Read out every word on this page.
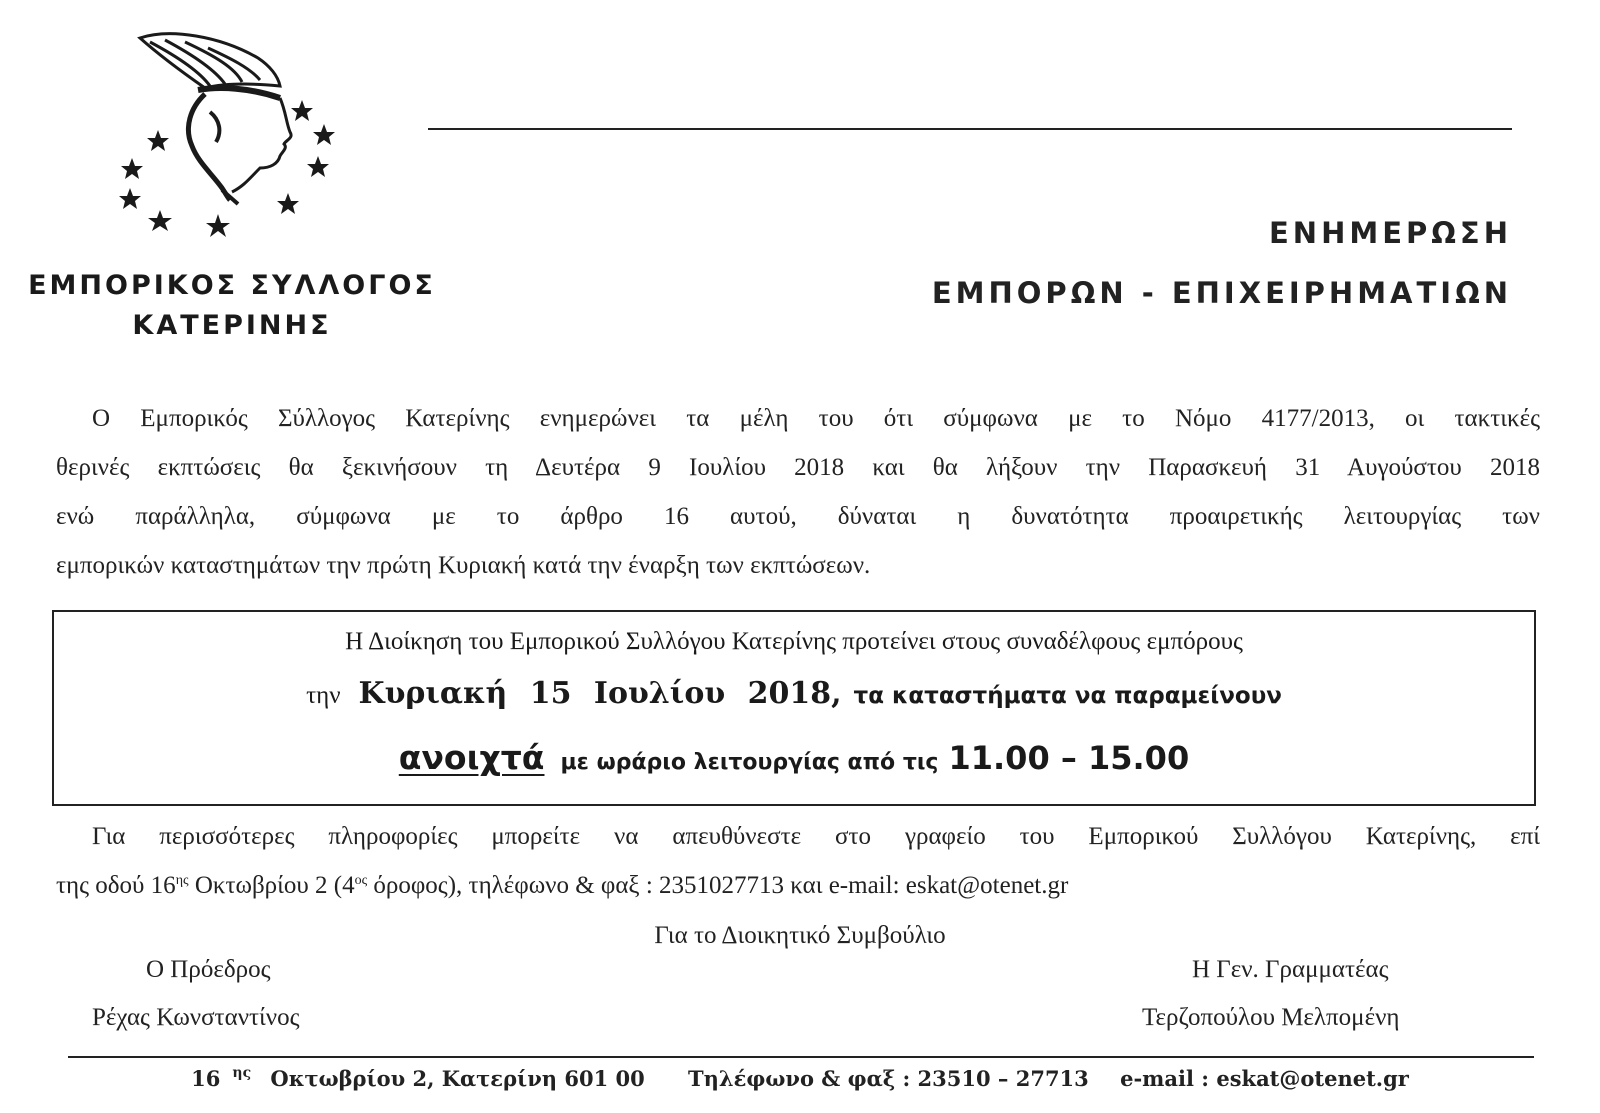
ΕΜΠΟΡΙΚΟΣ ΣΥΛΛΟΓΟΣ
ΚΑΤΕΡΙΝΗΣ
ΕΝΗΜΕΡΩΣΗ
ΕΜΠΟΡΩΝ - ΕΠΙΧΕΙΡΗΜΑΤΙΩΝ
Ο Εμπορικός Σύλλογος Κατερίνης ενημερώνει τα μέλη του ότι σύμφωνα με το Νόμο 4177/2013, οι τακτικές
θερινές εκπτώσεις θα ξεκινήσουν τη Δευτέρα 9 Ιουλίου 2018 και θα λήξουν την Παρασκευή 31 Αυγούστου 2018
ενώ παράλληλα, σύμφωνα με το άρθρο 16 αυτού, δύναται η δυνατότητα προαιρετικής λειτουργίας των
εμπορικών καταστημάτων την πρώτη Κυριακή κατά την έναρξη των εκπτώσεων.
Η Διοίκηση του Εμπορικού Συλλόγου Κατερίνης προτείνει στους συναδέλφους εμπόρους
την Κυριακή 15 Ιουλίου 2018, τα καταστήματα να παραμείνουν
ανοιχτά με ωράριο λειτουργίας από τις 11.00 – 15.00
Για περισσότερες πληροφορίες μπορείτε να απευθύνεστε στο γραφείο του Εμπορικού Συλλόγου Κατερίνης, επί
της οδού $16^{\eta\varsigma}$ Οκτωβρίου 2 ($4^{o\varsigma}$ όροφος), τηλέφωνο & φαξ : 2351027713 και e-mail: eskat@otenet.gr
Για το Διοικητικό Συμβούλιο
Ο Πρόεδρος
Ρέχας Κωνσταντίνος
Η Γεν. Γραμματέας
Τερζοπούλου Μελπομένη
16 $^{\eta\varsigma}$ Οκτωβρίου 2, Κατερίνη 601 00 Τηλέφωνο & φαξ : 23510 – 27713 e-mail : eskat@otenet.gr
